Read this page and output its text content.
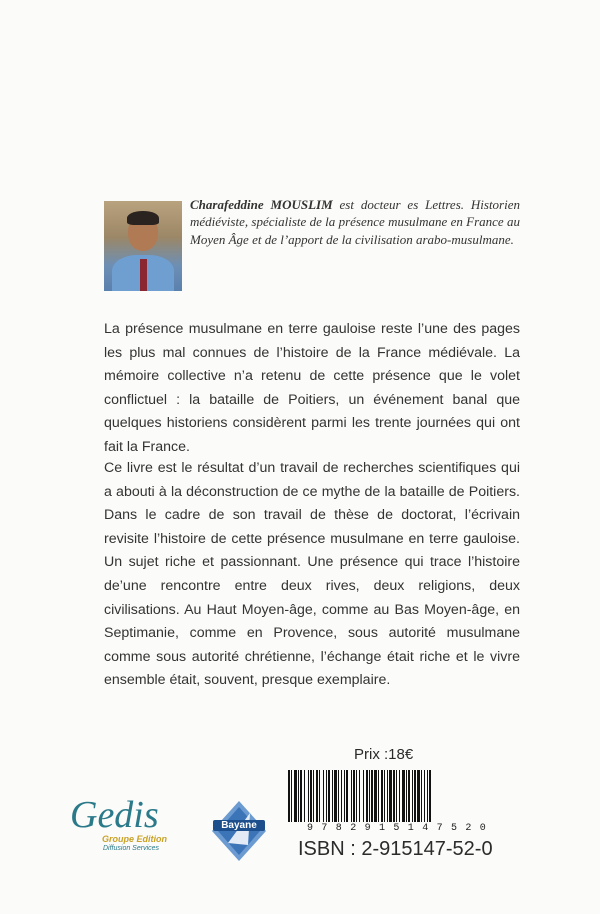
Charafeddine MOUSLIM est docteur es Lettres. Historien médiéviste, spécialiste de la présence musulmane en France au Moyen Âge et de l’apport de la civilisation arabo-musulmane.

La présence musulmane en terre gauloise reste l’une des pages les plus mal connues de l’histoire de la France médiévale. La mémoire collective n’a retenu de cette présence que le volet conflictuel : la bataille de Poitiers, un événement banal que quelques historiens considèrent parmi les trente journées qui ont fait la France.

Ce livre est le résultat d’un travail de recherches scientifiques qui a abouti à la déconstruction de ce mythe de la bataille de Poitiers. Dans le cadre de son travail de thèse de doctorat, l’écrivain revisite l’histoire de cette présence musulmane en terre gauloise. Un sujet riche et passionnant. Une présence qui trace l’histoire de’une rencontre entre deux rives, deux religions, deux civilisations. Au Haut Moyen-âge, comme au Bas Moyen-âge, en Septimanie, comme en Provence, sous autorité musulmane comme sous autorité chrétienne, l’échange était riche et le vivre ensemble était, souvent, presque exemplaire.

Prix :18€
9 7 8 2 9 1 5 1 4 7 5 2 0
ISBN : 2-915147-52-0
Gedis
Groupe Edition
Diffusion Services
Bayane
